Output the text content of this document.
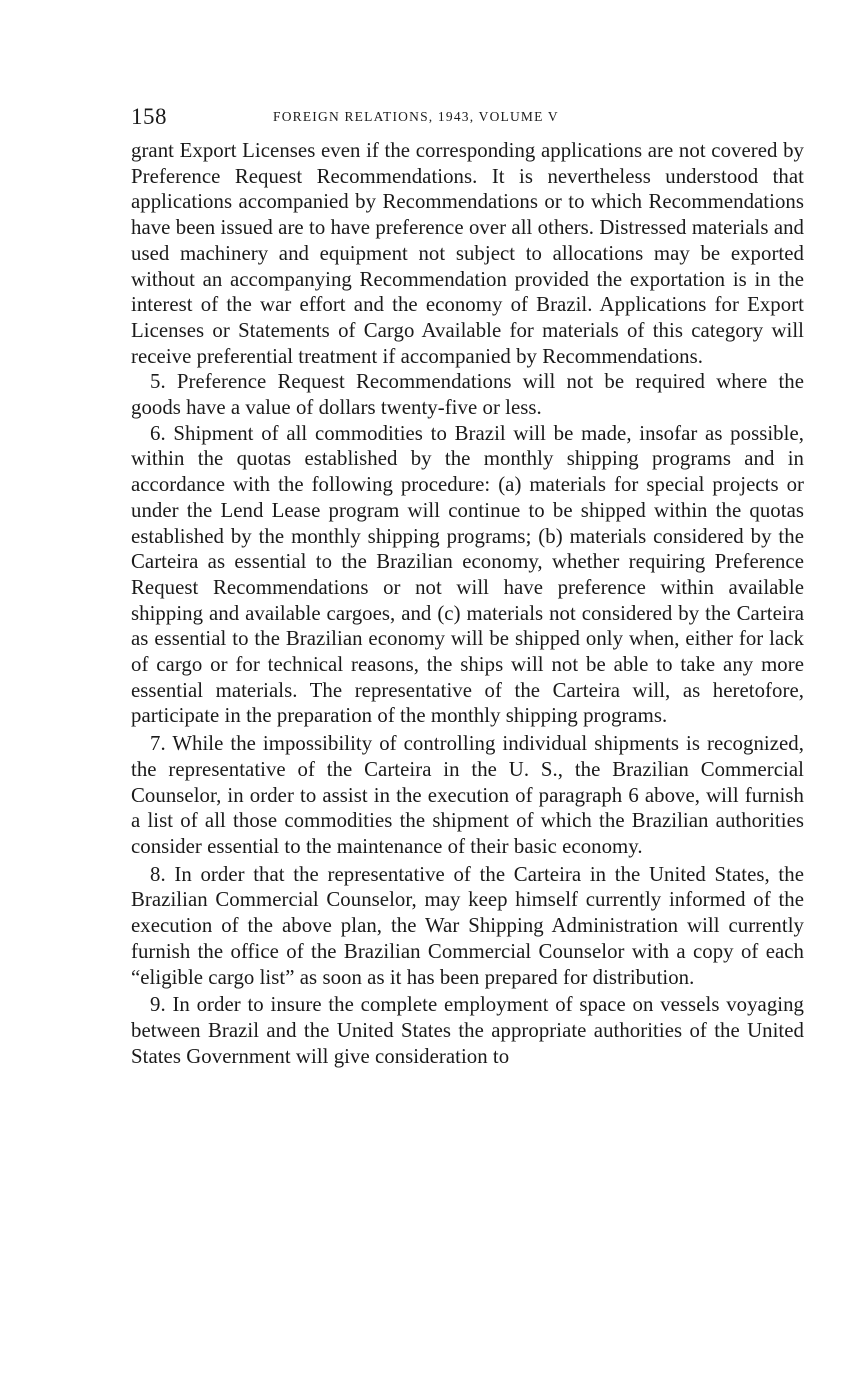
158	FOREIGN RELATIONS, 1943, VOLUME V

grant Export Licenses even if the corresponding applications are not covered by Preference Request Recommendations. It is nevertheless understood that applications accompanied by Recommendations or to which Recommendations have been issued are to have preference over all others. Distressed materials and used machinery and equipment not subject to allocations may be exported without an accompanying Recommendation provided the exportation is in the interest of the war effort and the economy of Brazil. Applications for Export Licenses or Statements of Cargo Available for materials of this category will receive preferential treatment if accompanied by Recommendations.

5. Preference Request Recommendations will not be required where the goods have a value of dollars twenty-five or less.

6. Shipment of all commodities to Brazil will be made, insofar as possible, within the quotas established by the monthly shipping programs and in accordance with the following procedure: (a) materials for special projects or under the Lend Lease program will continue to be shipped within the quotas established by the monthly shipping programs; (b) materials considered by the Carteira as essential to the Brazilian economy, whether requiring Preference Request Recommendations or not will have preference within available shipping and available cargoes, and (c) materials not considered by the Carteira as essential to the Brazilian economy will be shipped only when, either for lack of cargo or for technical reasons, the ships will not be able to take any more essential materials. The representative of the Carteira will, as heretofore, participate in the preparation of the monthly shipping programs.

7. While the impossibility of controlling individual shipments is recognized, the representative of the Carteira in the U. S., the Brazilian Commercial Counselor, in order to assist in the execution of paragraph 6 above, will furnish a list of all those commodities the shipment of which the Brazilian authorities consider essential to the maintenance of their basic economy.

8. In order that the representative of the Carteira in the United States, the Brazilian Commercial Counselor, may keep himself currently informed of the execution of the above plan, the War Shipping Administration will currently furnish the office of the Brazilian Commercial Counselor with a copy of each “eligible cargo list” as soon as it has been prepared for distribution.

9. In order to insure the complete employment of space on vessels voyaging between Brazil and the United States the appropriate authorities of the United States Government will give consideration to
